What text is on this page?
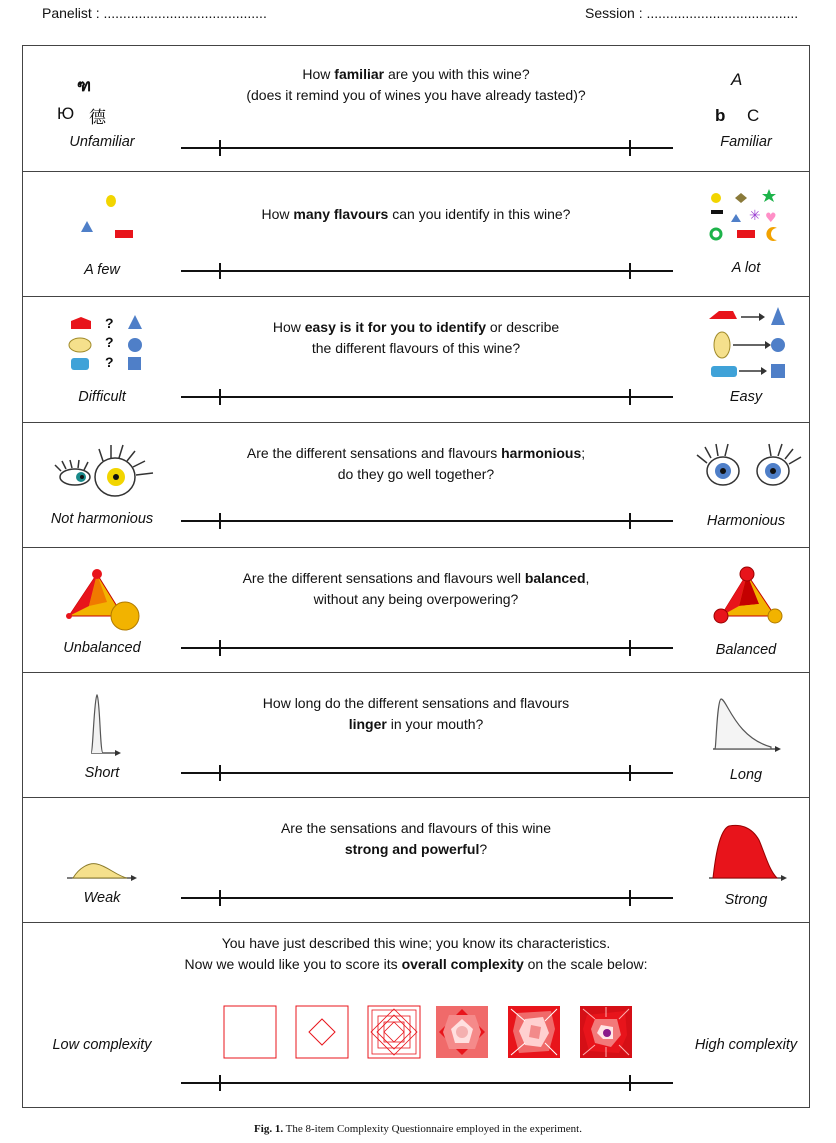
Panelist : ..........................................	Session : .......................................
How familiar are you with this wine?
(does it remind you of wines you have already tasted)?
ฑ
Ю 德
A
b C
Unfamiliar	Familiar
How many flavours can you identify in this wine?	✳ ♥
A few	A lot
How easy is it for you to identify or describe
the different flavours of this wine?
?
?
?
Difficult	Easy
Are the different sensations and flavours harmonious;
do they go well together?
Not harmonious	Harmonious
Are the different sensations and flavours well balanced,
without any being overpowering?
Unbalanced	Balanced
How long do the different sensations and flavours
linger in your mouth?
Short	Long
Are the sensations and flavours of this wine
strong and powerful?
Weak	Strong
You have just described this wine; you know its characteristics.
Now we would like you to score its overall complexity on the scale below:
Low complexity	High complexity
Fig. 1. The 8-item Complexity Questionnaire employed in the experiment.
